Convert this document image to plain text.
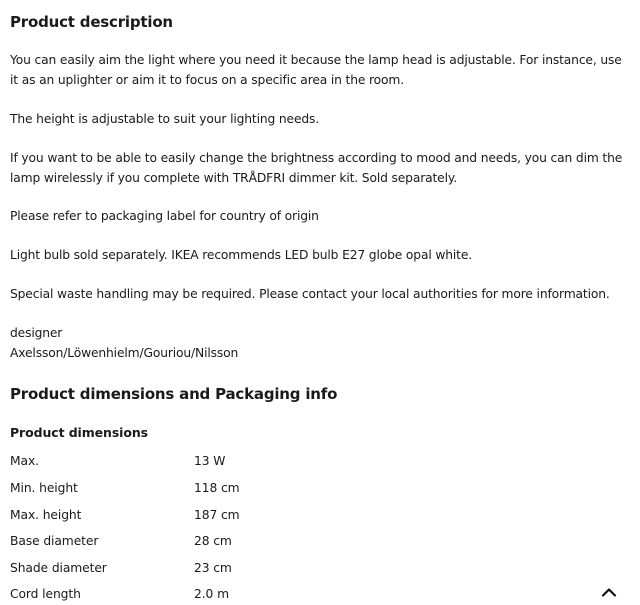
Product description

You can easily aim the light where you need it because the lamp head is adjustable. For instance, use it as an uplighter or aim it to focus on a specific area in the room.

The height is adjustable to suit your lighting needs.

If you want to be able to easily change the brightness according to mood and needs, you can dim the lamp wirelessly if you complete with TRÅDFRI dimmer kit. Sold separately.

Please refer to packaging label for country of origin

Light bulb sold separately. IKEA recommends LED bulb E27 globe opal white.

Special waste handling may be required. Please contact your local authorities for more information.

designer

Axelsson/Löwenhielm/Gouriou/Nilsson

Product dimensions and Packaging info
Product dimensions
Max.	13 W
Min. height	118 cm
Max. height	187 cm
Base diameter	28 cm
Shade diameter	23 cm
Cord length	2.0 m
